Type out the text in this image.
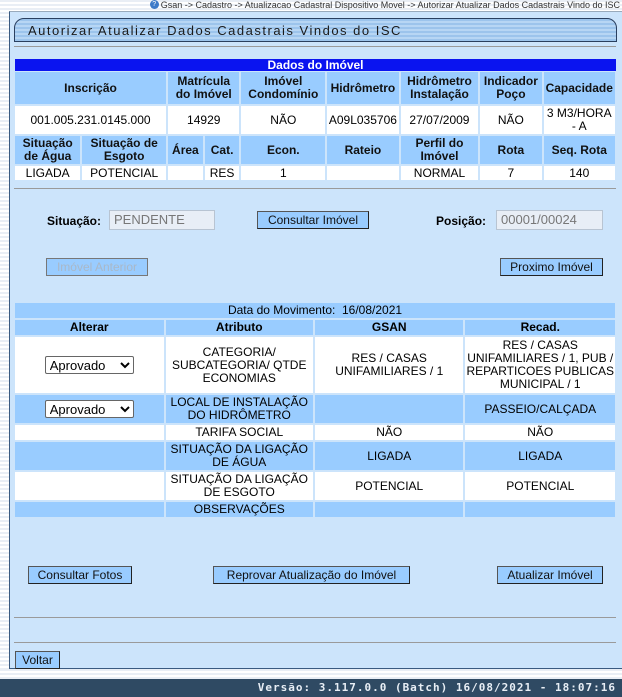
? Gsan -> Cadastro -> Atualizacao Cadastral Dispositivo Movel -> Autorizar Atualizar Dados Cadastrais Vindo do ISC
Autorizar Atualizar Dados Cadastrais Vindos do ISC
Dados do Imóvel
Inscrição		Matrícula do Imóvel		Imóvel Condomínio	Hidrômetro	Hidrômetro Instalação	Indicador Poço	Capacidade
001.005.231.0145.000		14929		NÃO	A09L035706	27/07/2009	NÃO	3 M3/HORA - A
Situação de Água	Situação de Esgoto	Área	Cat.	Econ.	Rateio	Perfil do Imóvel	Rota	Seq. Rota
LIGADA	POTENCIAL		RES	1		NORMAL	7	140
Situação: PENDENTE	Consultar Imóvel	Posição:	00001/00024
Imóvel Anterior	Proximo Imóvel
Data do Movimento: 16/08/2021			
Alterar	Atributo	GSAN	Recad.

Aprovado	CATEGORIA/ SUBCATEGORIA/ QTDE ECONOMIAS	RES / CASAS UNIFAMILIARES / 1	RES / CASAS UNIFAMILIARES / 1, PUB / REPARTICOES PUBLICAS MUNICIPAL / 1

Aprovado	LOCAL DE INSTALAÇÃO DO HIDRÔMETRO		PASSEIO/CALÇADA
	TARIFA SOCIAL	NÃO	NÃO
	SITUAÇÃO DA LIGAÇÃO DE ÁGUA	LIGADA	LIGADA
	SITUAÇÃO DA LIGAÇÃO DE ESGOTO	POTENCIAL	POTENCIAL
	OBSERVAÇÕES		
Consultar Fotos	Reprovar Atualização do Imóvel	Atualizar Imóvel
Voltar
Versão: 3.117.0.0 (Batch) 16/08/2021 - 18:07:16
